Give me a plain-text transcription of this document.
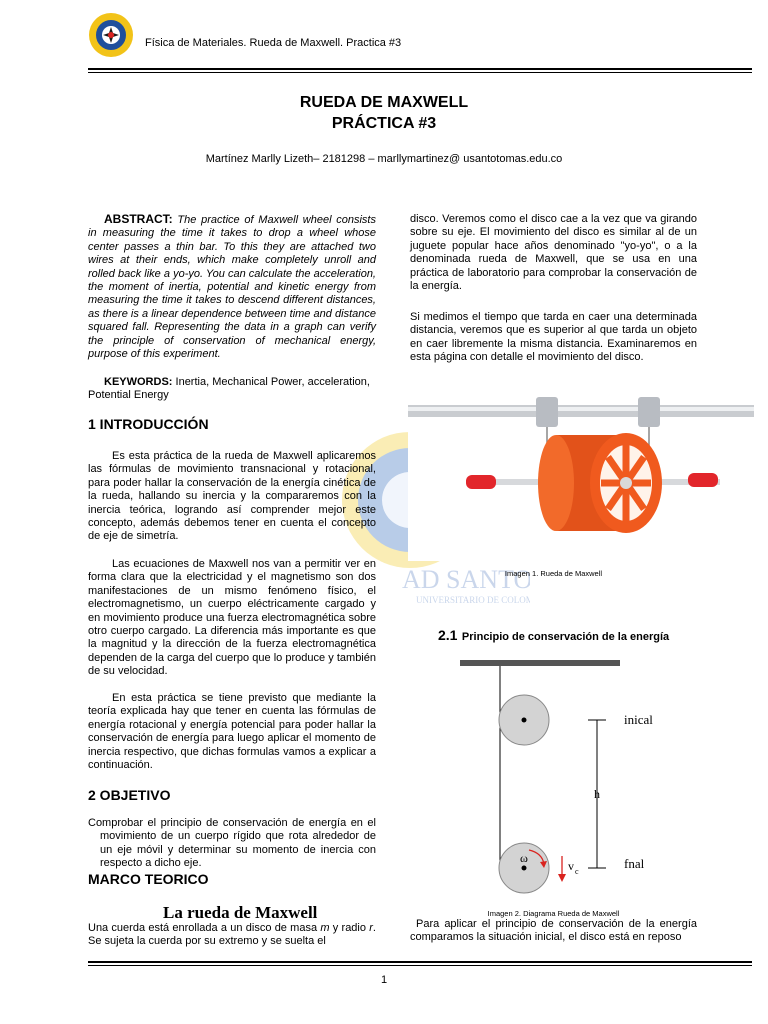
Física de Materiales. Rueda de Maxwell. Practica #3
RUEDA DE MAXWELL
PRÁCTICA #3
Martínez Marlly Lizeth– 2181298 – marllymartinez@ usantotomas.edu.co
AD SANTO
UNIVERSITARIO DE COLOM

ABSTRACT: The practice of Maxwell wheel consists in measuring the time it takes to drop a wheel whose center passes a thin bar. To this they are attached two wires at their ends, which make completely unroll and rolled back like a yo-yo. You can calculate the acceleration, the moment of inertia, potential and kinetic energy from measuring the time it takes to descend different distances, as there is a linear dependence between time and distance squared fall. Representing the data in a graph can verify the principle of conservation of mechanical energy, purpose of this experiment.

KEYWORDS: Inertia, Mechanical Power, acceleration, Potential Energy

1 INTRODUCCIÓN

Es esta práctica de la rueda de Maxwell aplicaremos las fórmulas de movimiento transnacional y rotacional, para poder hallar la conservación de la energía cinética de la rueda, hallando su inercia y la compararemos con la inercia teórica, logrando así comprender mejor este concepto, además debemos tener en cuenta el concepto de eje de simetría.

Las ecuaciones de Maxwell nos van a permitir ver en forma clara que la electricidad y el magnetismo son dos manifestaciones de un mismo fenómeno físico, el electromagnetismo, un cuerpo eléctricamente cargado y en movimiento produce una fuerza electromagnética sobre otro cuerpo cargado. La diferencia más importante es que la magnitud y la dirección de la fuerza electromagnética dependen de la carga del cuerpo que lo produce y también de su velocidad.

En esta práctica se tiene previsto que mediante la teoría explicada hay que tener en cuenta las fórmulas de energía rotacional y energía potencial para poder hallar la conservación de energía para luego aplicar el momento de inercia respectivo, que dichas formulas vamos a explicar a continuación.

2 OBJETIVO

Comprobar el principio de conservación de energía en el movimiento de un cuerpo rígido que rota alrededor de un eje móvil y determinar su momento de inercia con respecto a dicho eje.

MARCO TEORICO
La rueda de Maxwell

Una cuerda está enrollada a un disco de masa m y radio r. Se sujeta la cuerda por su extremo y se suelta el

disco. Veremos como el disco cae a la vez que va girando sobre su eje. El movimiento del disco es similar al de un juguete popular hace años denominado "yo-yo", o a la denominada rueda de Maxwell, que se usa en una práctica de laboratorio para comprobar la conservación de la energía.

Si medimos el tiempo que tarda en caer una determinada distancia, veremos que es superior al que tarda un objeto en caer libremente la misma distancia. Examinaremos en esta página con detalle el movimiento del disco.

Imagen 1. Rueda de Maxwell
2.1 Principio de conservación de la energía
inical
h
ω
v c
fnal
Imagen 2. Diagrama Rueda de Maxwell

Para aplicar el principio de conservación de la energía comparamos la situación inicial, el disco está en reposo

1
